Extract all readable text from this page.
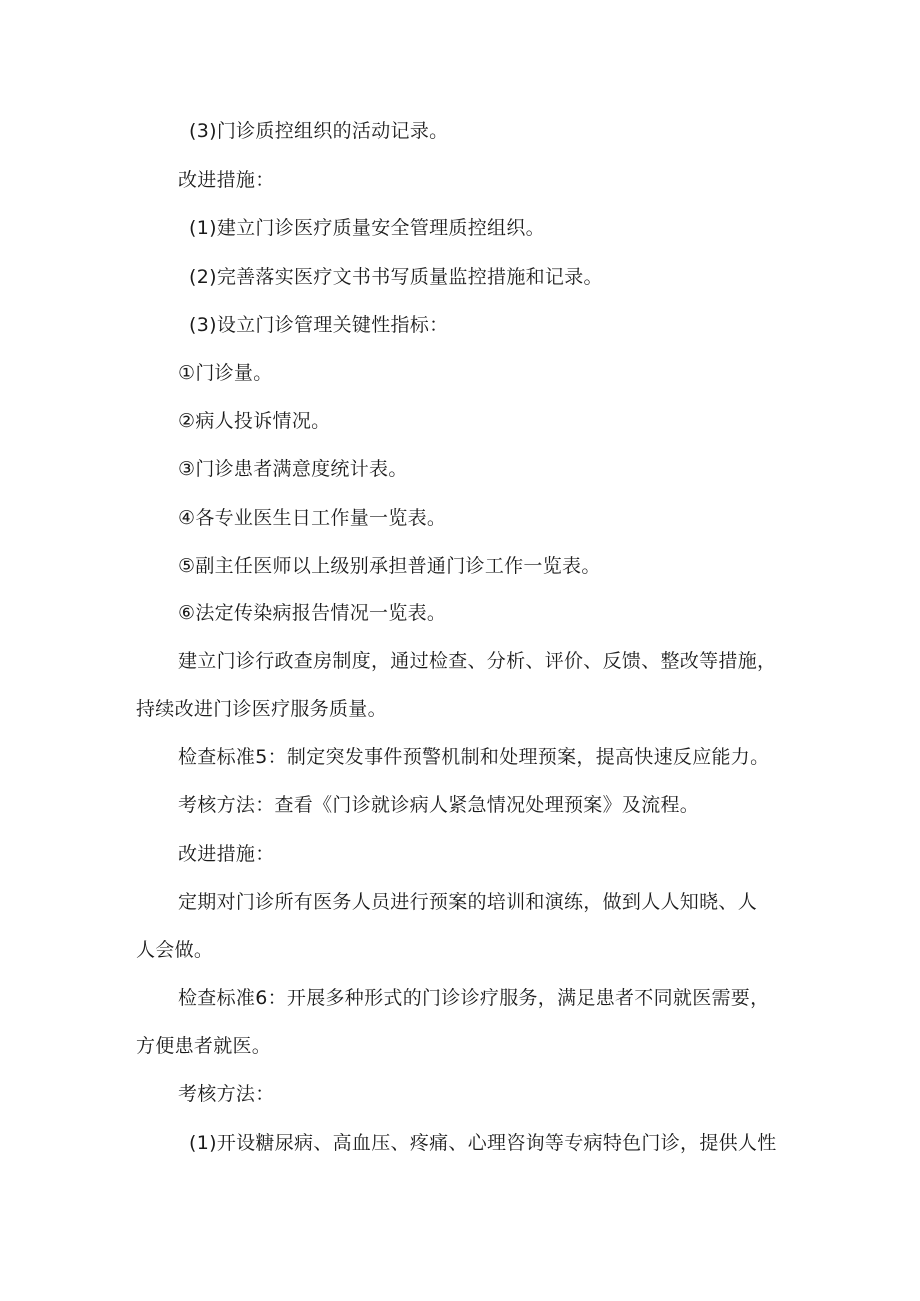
(3)门诊质控组织的活动记录。
改进措施：
(1)建立门诊医疗质量安全管理质控组织。
(2)完善落实医疗文书书写质量监控措施和记录。
(3)设立门诊管理关键性指标：
①门诊量。
②病人投诉情况。
③门诊患者满意度统计表。
④各专业医生日工作量一览表。
⑤副主任医师以上级别承担普通门诊工作一览表。
⑥法定传染病报告情况一览表。
建立门诊行政查房制度，通过检查、分析、评价、反馈、整改等措施，
持续改进门诊医疗服务质量。
检查标准5：制定突发事件预警机制和处理预案，提高快速反应能力。
考核方法：查看《门诊就诊病人紧急情况处理预案》及流程。
改进措施：
定期对门诊所有医务人员进行预案的培训和演练，做到人人知晓、人
人会做。
检查标准6：开展多种形式的门诊诊疗服务，满足患者不同就医需要，
方便患者就医。
考核方法：
(1)开设糖尿病、高血压、疼痛、心理咨询等专病特色门诊，提供人性
